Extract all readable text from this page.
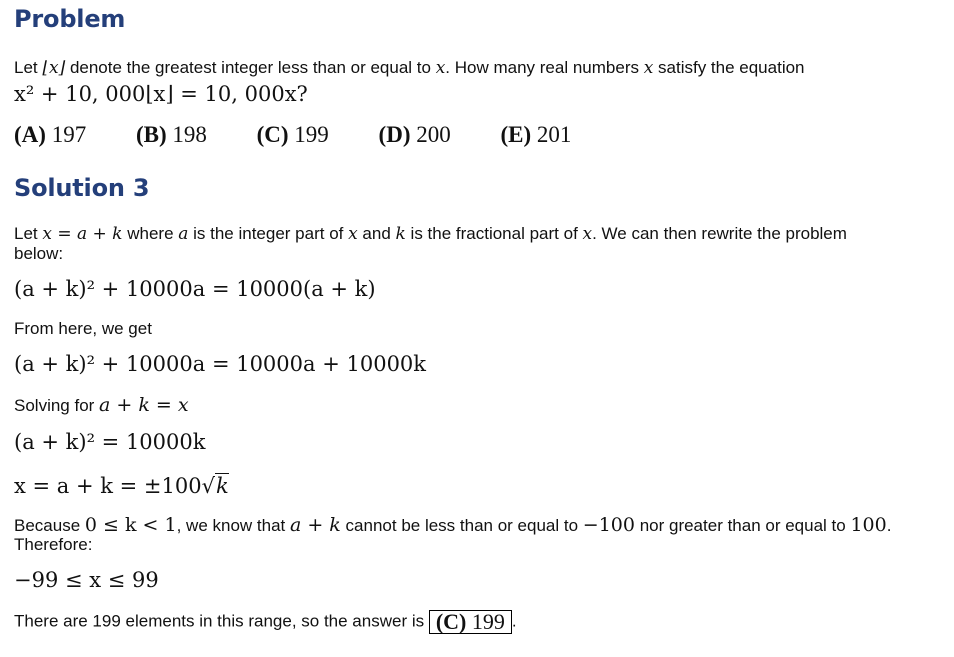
Problem
Let ⌊x⌋ denote the greatest integer less than or equal to x. How many real numbers x satisfy the equation
x² + 10, 000⌊x⌋ = 10, 000x?
(A) 197 (B) 198 (C) 199 (D) 200 (E) 201
Solution 3
Let x = a + k where a is the integer part of x and k is the fractional part of x. We can then rewrite the problem
below:
(a + k)² + 10000a = 10000(a + k)
From here, we get
(a + k)² + 10000a = 10000a + 10000k
Solving for a + k = x
(a + k)² = 10000k
x = a + k = ±100√k
Because 0 ≤ k < 1, we know that a + k cannot be less than or equal to −100 nor greater than or equal to 100.
Therefore:
−99 ≤ x ≤ 99
There are 199 elements in this range, so the answer is (C) 199 .
